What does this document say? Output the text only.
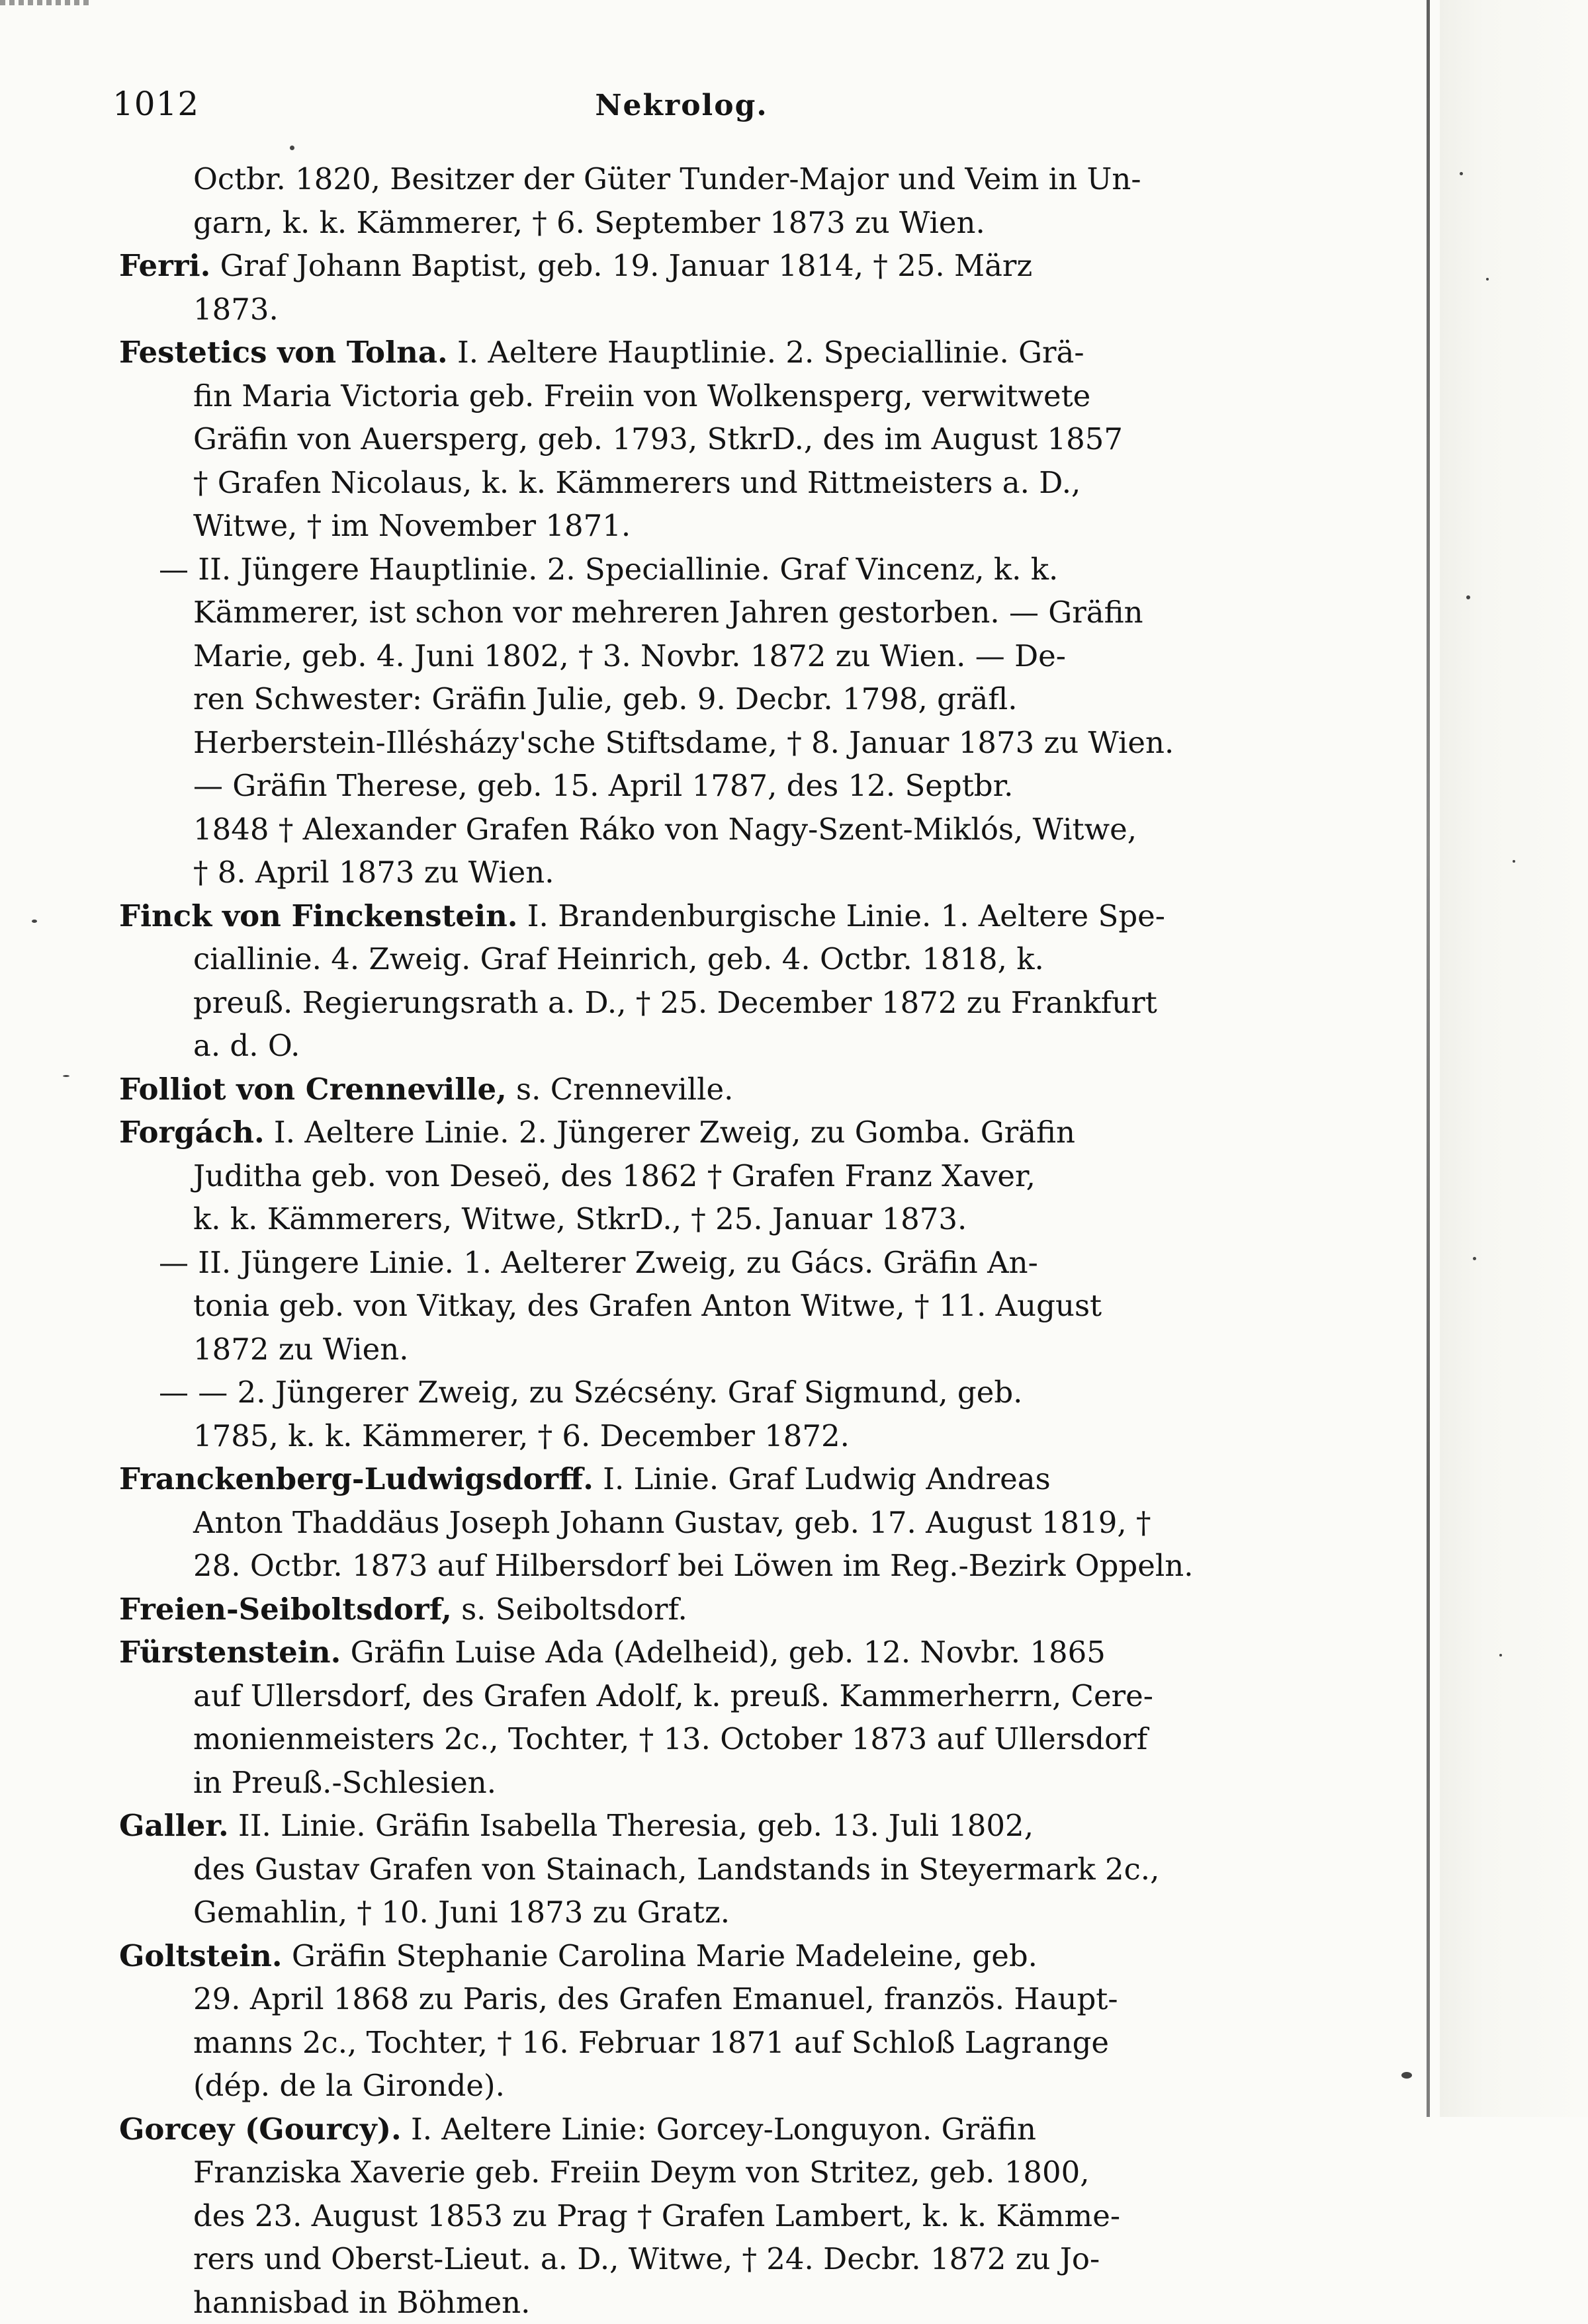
1012	Nekrolog.
Octbr. 1820, Besitzer der Güter Tunder-Major und Veim in Un-
garn, k. k. Kämmerer, † 6. September 1873 zu Wien.
Ferri. Graf Johann Baptist, geb. 19. Januar 1814, † 25. März
1873.
Festetics von Tolna. I. Aeltere Hauptlinie. 2. Speciallinie. Grä-
fin Maria Victoria geb. Freiin von Wolkensperg, verwitwete
Gräfin von Auersperg, geb. 1793, StkrD., des im August 1857
† Grafen Nicolaus, k. k. Kämmerers und Rittmeisters a. D.,
Witwe, † im November 1871.
— II. Jüngere Hauptlinie. 2. Speciallinie. Graf Vincenz, k. k.
Kämmerer, ist schon vor mehreren Jahren gestorben. — Gräfin
Marie, geb. 4. Juni 1802, † 3. Novbr. 1872 zu Wien. — De-
ren Schwester: Gräfin Julie, geb. 9. Decbr. 1798, gräfl.
Herberstein-Illésházy'sche Stiftsdame, † 8. Januar 1873 zu Wien.
— Gräfin Therese, geb. 15. April 1787, des 12. Septbr.
1848 † Alexander Grafen Ráko von Nagy-Szent-Miklós, Witwe,
† 8. April 1873 zu Wien.
Finck von Finckenstein. I. Brandenburgische Linie. 1. Aeltere Spe-
ciallinie. 4. Zweig. Graf Heinrich, geb. 4. Octbr. 1818, k.
preuß. Regierungsrath a. D., † 25. December 1872 zu Frankfurt
a. d. O.
Folliot von Crenneville, s. Crenneville.
Forgách. I. Aeltere Linie. 2. Jüngerer Zweig, zu Gomba. Gräfin
Juditha geb. von Deseö, des 1862 † Grafen Franz Xaver,
k. k. Kämmerers, Witwe, StkrD., † 25. Januar 1873.
— II. Jüngere Linie. 1. Aelterer Zweig, zu Gács. Gräfin An-
tonia geb. von Vitkay, des Grafen Anton Witwe, † 11. August
1872 zu Wien.
— — 2. Jüngerer Zweig, zu Szécsény. Graf Sigmund, geb.
1785, k. k. Kämmerer, † 6. December 1872.
Franckenberg-Ludwigsdorff. I. Linie. Graf Ludwig Andreas
Anton Thaddäus Joseph Johann Gustav, geb. 17. August 1819, †
28. Octbr. 1873 auf Hilbersdorf bei Löwen im Reg.-Bezirk Oppeln.
Freien-Seiboltsdorf, s. Seiboltsdorf.
Fürstenstein. Gräfin Luise Ada (Adelheid), geb. 12. Novbr. 1865
auf Ullersdorf, des Grafen Adolf, k. preuß. Kammerherrn, Cere-
monienmeisters 2c., Tochter, † 13. October 1873 auf Ullersdorf
in Preuß.-Schlesien.
Galler. II. Linie. Gräfin Isabella Theresia, geb. 13. Juli 1802,
des Gustav Grafen von Stainach, Landstands in Steyermark 2c.,
Gemahlin, † 10. Juni 1873 zu Gratz.
Goltstein. Gräfin Stephanie Carolina Marie Madeleine, geb.
29. April 1868 zu Paris, des Grafen Emanuel, französ. Haupt-
manns 2c., Tochter, † 16. Februar 1871 auf Schloß Lagrange
(dép. de la Gironde).
Gorcey (Gourcy). I. Aeltere Linie: Gorcey-Longuyon. Gräfin
Franziska Xaverie geb. Freiin Deym von Stritez, geb. 1800,
des 23. August 1853 zu Prag † Grafen Lambert, k. k. Kämme-
rers und Oberst-Lieut. a. D., Witwe, † 24. Decbr. 1872 zu Jo-
hannisbad in Böhmen.
